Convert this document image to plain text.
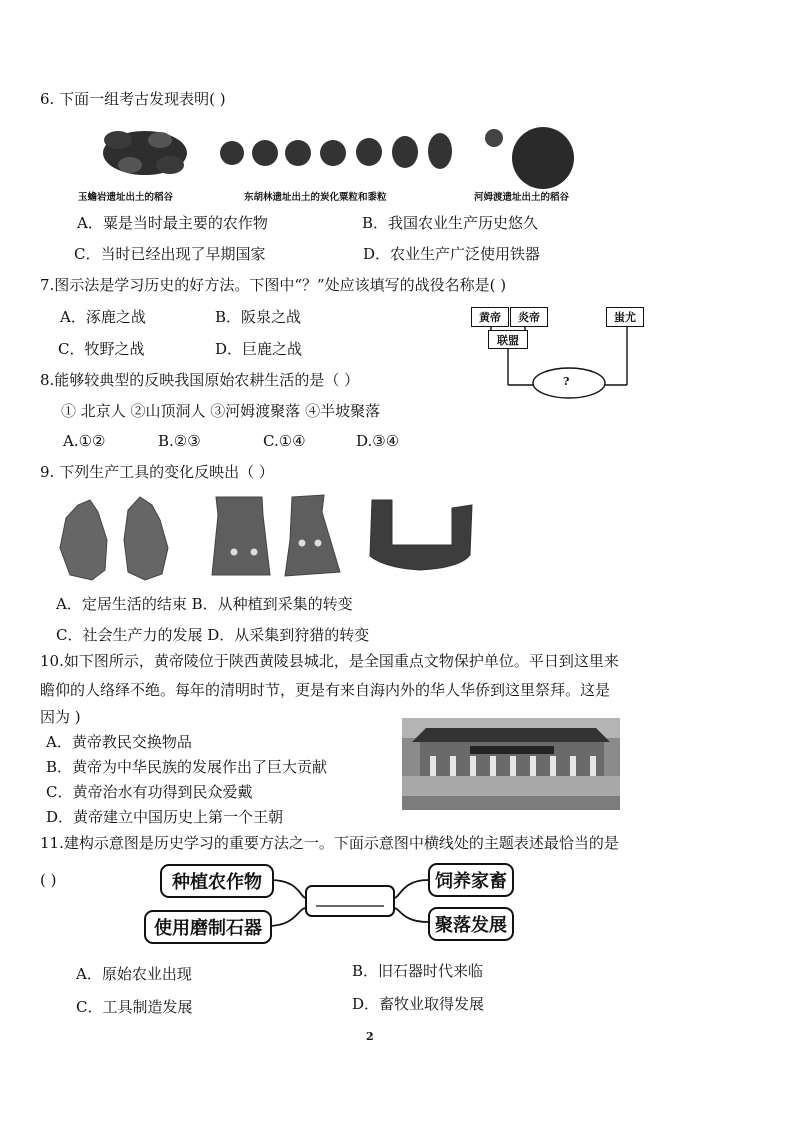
6. 下面一组考古发现表明( )
玉蟾岩遗址出土的稻谷	东胡林遗址出土的炭化粟粒和黍粒	河姆渡遗址出土的稻谷
A．粟是当时最主要的农作物	B．我国农业生产历史悠久
C．当时已经出现了早期国家	D．农业生产广泛使用铁器
7.图示法是学习历史的好方法。下图中“？”处应该填写的战役名称是( )
A．涿鹿之战	B．阪泉之战
C．牧野之战	D．巨鹿之战
黄帝	炎帝	蚩尤
联盟
?
8.能够较典型的反映我国原始农耕生活的是（ ）
① 北京人 ②山顶洞人 ③河姆渡聚落 ④半坡聚落
A.①②	B.②③	C.①④	D.③④
9. 下列生产工具的变化反映出（ ）
A．定居生活的结束 B．从种植到采集的转变
C．社会生产力的发展 D．从采集到狩猎的转变
10.如下图所示，黄帝陵位于陕西黄陵县城北，是全国重点文物保护单位。平日到这里来
瞻仰的人络绎不绝。每年的清明时节，更是有来自海内外的华人华侨到这里祭拜。这是
因为 )
A．黄帝教民交换物品
B．黄帝为中华民族的发展作出了巨大贡献
C．黄帝治水有功得到民众爱戴
D．黄帝建立中国历史上第一个王朝
11.建构示意图是历史学习的重要方法之一。下面示意图中横线处的主题表述最恰当的是
( )	种植农作物
使用磨制石器
饲养家畜
聚落发展
A．原始农业出现	B．旧石器时代来临
C．工具制造发展	D．畜牧业取得发展
2
